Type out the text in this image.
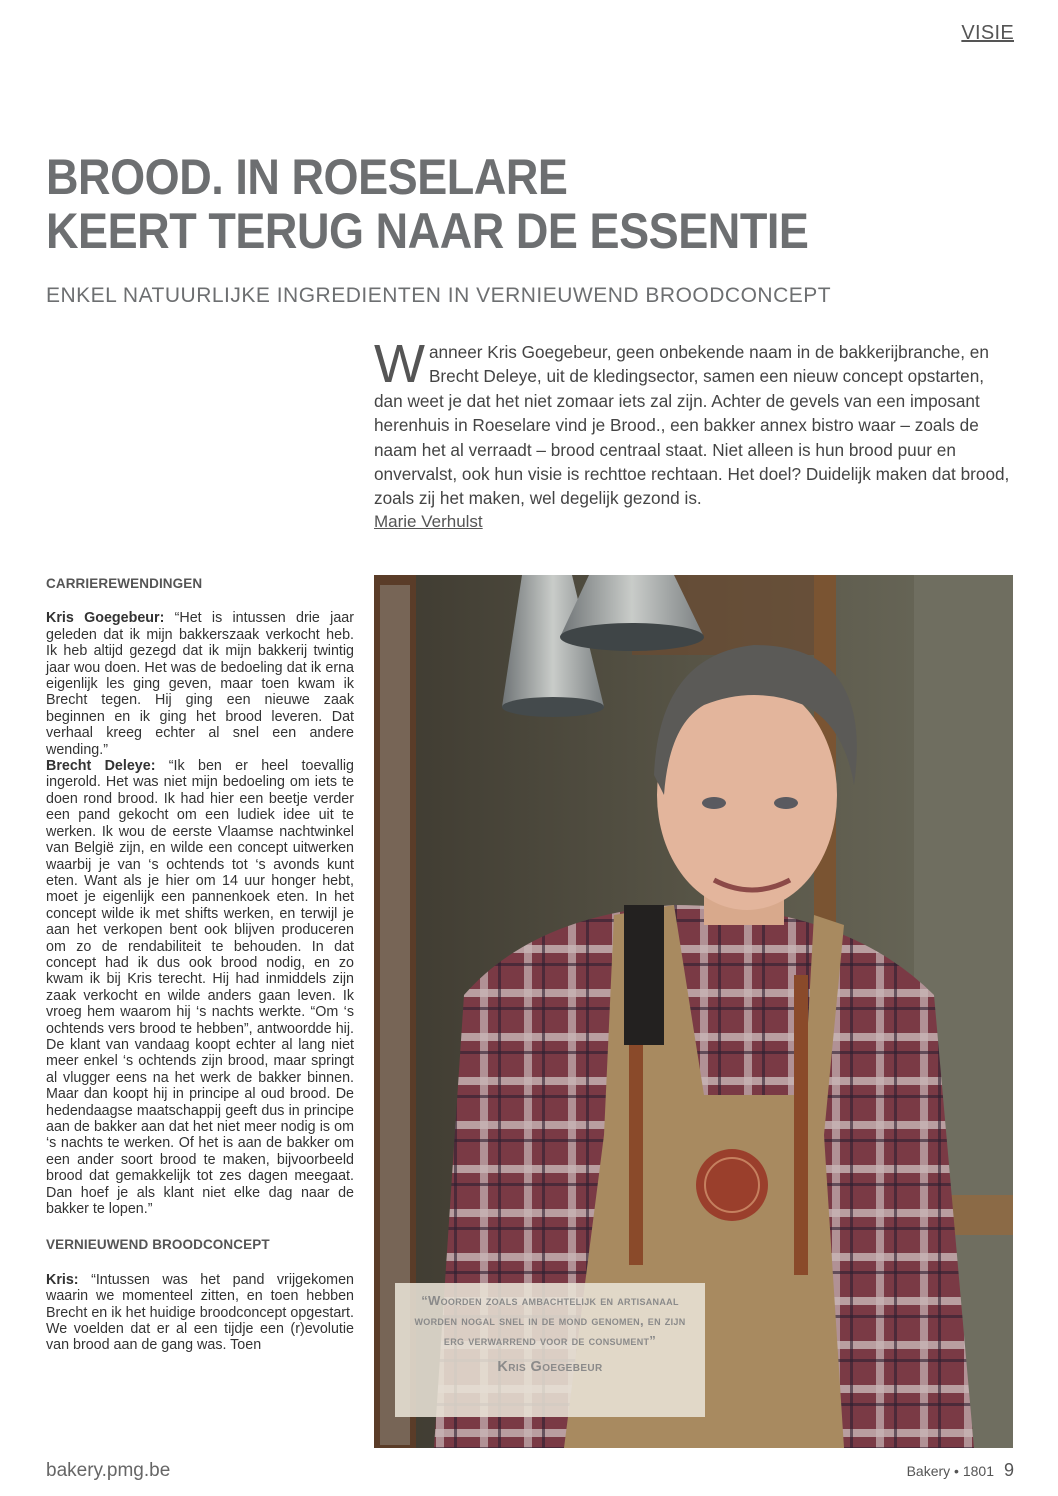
VISIE
BROOD. IN ROESELARE
KEERT TERUG NAAR DE ESSENTIE
ENKEL NATUURLIJKE INGREDIENTEN IN VERNIEUWEND BROODCONCEPT
Wanneer Kris Goegebeur, geen onbekende naam in de bakkerijbranche, en Brecht Deleye, uit de kledingsector, samen een nieuw concept opstarten, dan weet je dat het niet zomaar iets zal zijn. Achter de gevels van een imposant herenhuis in Roeselare vind je Brood., een bakker annex bistro waar – zoals de naam het al verraadt – brood centraal staat. Niet alleen is hun brood puur en onvervalst, ook hun visie is rechttoe rechtaan. Het doel? Duidelijk maken dat brood, zoals zij het maken, wel degelijk gezond is.
Marie Verhulst
CARRIEREWENDINGEN

Kris Goegebeur: “Het is intussen drie jaar geleden dat ik mijn bakkerszaak verkocht heb. Ik heb altijd gezegd dat ik mijn bakkerij twintig jaar wou doen. Het was de bedoeling dat ik erna eigenlijk les ging geven, maar toen kwam ik Brecht tegen. Hij ging een nieuwe zaak beginnen en ik ging het brood leveren. Dat verhaal kreeg echter al snel een andere wending.”

Brecht Deleye: “Ik ben er heel toevallig ingerold. Het was niet mijn bedoeling om iets te doen rond brood. Ik had hier een beetje verder een pand gekocht om een ludiek idee uit te werken. Ik wou de eerste Vlaamse nachtwinkel van België zijn, en wilde een concept uitwerken waarbij je van ‘s ochtends tot ‘s avonds kunt eten. Want als je hier om 14 uur honger hebt, moet je eigenlijk een pannenkoek eten. In het concept wilde ik met shifts werken, en terwijl je aan het verkopen bent ook blijven produceren om zo de rendabiliteit te behouden. In dat concept had ik dus ook brood nodig, en zo kwam ik bij Kris terecht. Hij had inmiddels zijn zaak verkocht en wilde anders gaan leven. Ik vroeg hem waarom hij ‘s nachts werkte. “Om ‘s ochtends vers brood te hebben”, antwoordde hij. De klant van vandaag koopt echter al lang niet meer enkel ‘s ochtends zijn brood, maar springt al vlugger eens na het werk de bakker binnen. Maar dan koopt hij in principe al oud brood. De hedendaagse maatschappij geeft dus in principe aan de bakker aan dat het niet meer nodig is om ‘s nachts te werken. Of het is aan de bakker om een ander soort brood te maken, bijvoorbeeld brood dat gemakkelijk tot zes dagen meegaat. Dan hoef je als klant niet elke dag naar de bakker te lopen.”

VERNIEUWEND BROODCONCEPT

Kris: “Intussen was het pand vrijgekomen waarin we momenteel zitten, en toen hebben Brecht en ik het huidige broodconcept opgestart. We voelden dat er al een tijdje een (r)evolutie van brood aan de gang was. Toen

“Woorden zoals ambachtelijk en artisanaal worden nogal snel in de mond genomen, en zijn erg verwarrend voor de consument”
Kris Goegebeur
bakery.pmg.be	Bakery • 1801 9
